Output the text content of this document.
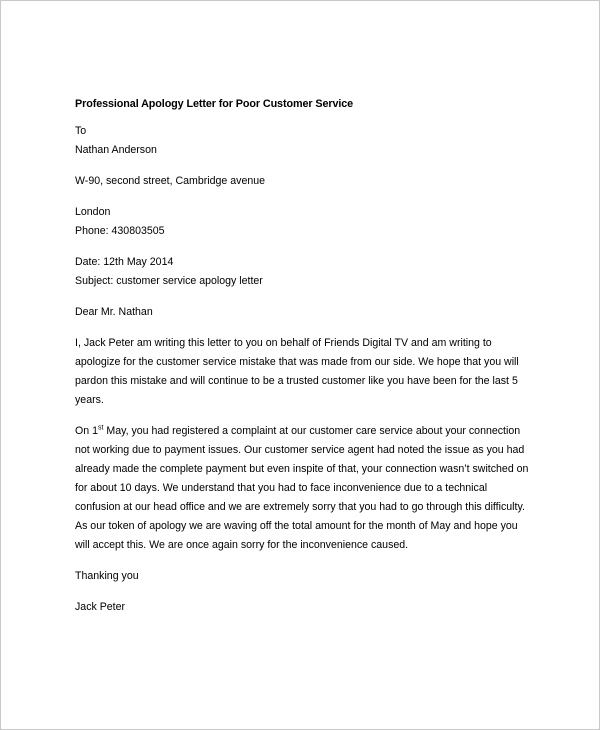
Professional Apology Letter for Poor Customer Service

To

Nathan Anderson

W-90, second street, Cambridge avenue

London

Phone: 430803505

Date: 12th May 2014

Subject: customer service apology letter

Dear Mr. Nathan

I, Jack Peter am writing this letter to you on behalf of Friends Digital TV and am writing to

apologize for the customer service mistake that was made from our side. We hope that you will

pardon this mistake and will continue to be a trusted customer like you have been for the last 5

years.

On 1st May, you had registered a complaint at our customer care service about your connection

not working due to payment issues. Our customer service agent had noted the issue as you had

already made the complete payment but even inspite of that, your connection wasn’t switched on

for about 10 days. We understand that you had to face inconvenience due to a technical

confusion at our head office and we are extremely sorry that you had to go through this difficulty.

As our token of apology we are waving off the total amount for the month of May and hope you

will accept this. We are once again sorry for the inconvenience caused.

Thanking you

Jack Peter
